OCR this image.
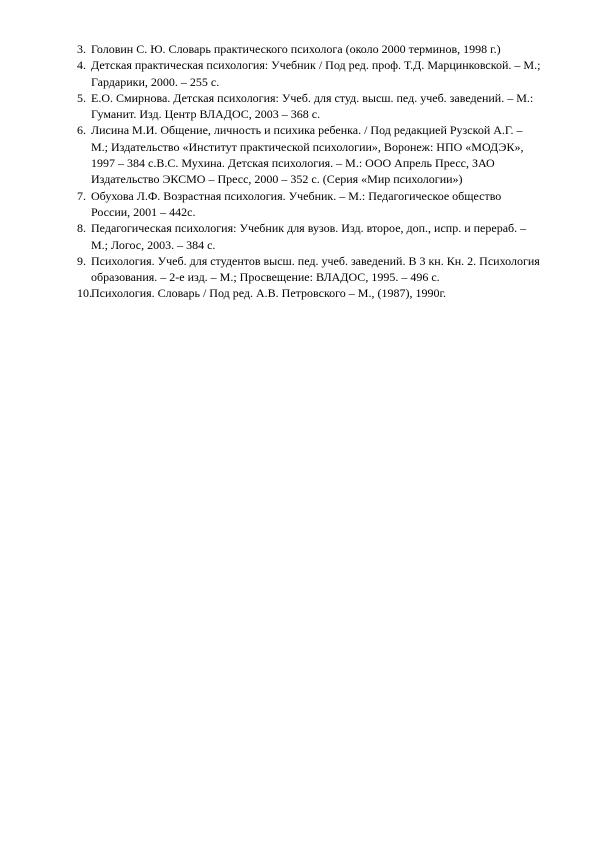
3. Головин С. Ю. Словарь практического психолога (около 2000 терминов, 1998 г.)
4. Детская практическая психология: Учебник / Под ред. проф. Т.Д. Марцинковской. – М.; Гардарики, 2000. – 255 с.
5. Е.О. Смирнова. Детская психология: Учеб. для студ. высш. пед. учеб. заведений. – М.: Гуманит. Изд. Центр ВЛАДОС, 2003 – 368 с.
6. Лисина М.И. Общение, личность и психика ребенка. / Под редакцией Рузской А.Г. – М.; Издательство «Институт практической психологии», Воронеж: НПО «МОДЭК», 1997 – 384 с.В.С. Мухина. Детская психология. – М.: ООО Апрель Пресс, ЗАО Издательство ЭКСМО – Пресс, 2000 – 352 с. (Серия «Мир психологии»)
7. Обухова Л.Ф. Возрастная психология. Учебник. – М.: Педагогическое общество России, 2001 – 442с.
8. Педагогическая психология: Учебник для вузов. Изд. второе, доп., испр. и перераб. – М.; Логос, 2003. – 384 с.
9. Психология. Учеб. для студентов высш. пед. учеб. заведений. В 3 кн. Кн. 2. Психология образования. – 2-е изд. – М.; Просвещение: ВЛАДОС, 1995. – 496 с.
10. Психология. Словарь / Под ред. А.В. Петровского – М., (1987), 1990г.
